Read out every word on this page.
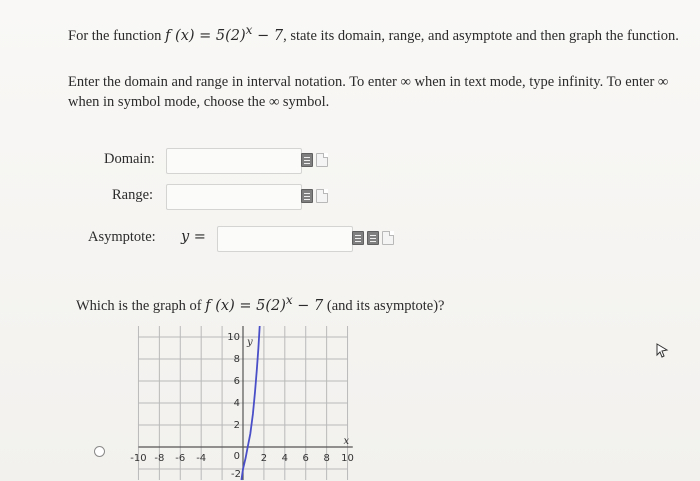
For the function f $(x) = 5(2)^x - 7$, state its domain, range, and asymptote and then graph the function.
Enter the domain and range in interval notation. To enter ∞ when in text mode, type infinity. To enter ∞ when in symbol mode, choose the ∞ symbol.
Domain:
Range:
Asymptote: y =
Which is the graph of f $(x) = 5(2)^x - 7$ (and its asymptote)?
-10 -8 -6 -4	2 4 6 8 10
10
8
6
4
2
0
-2
x
y
